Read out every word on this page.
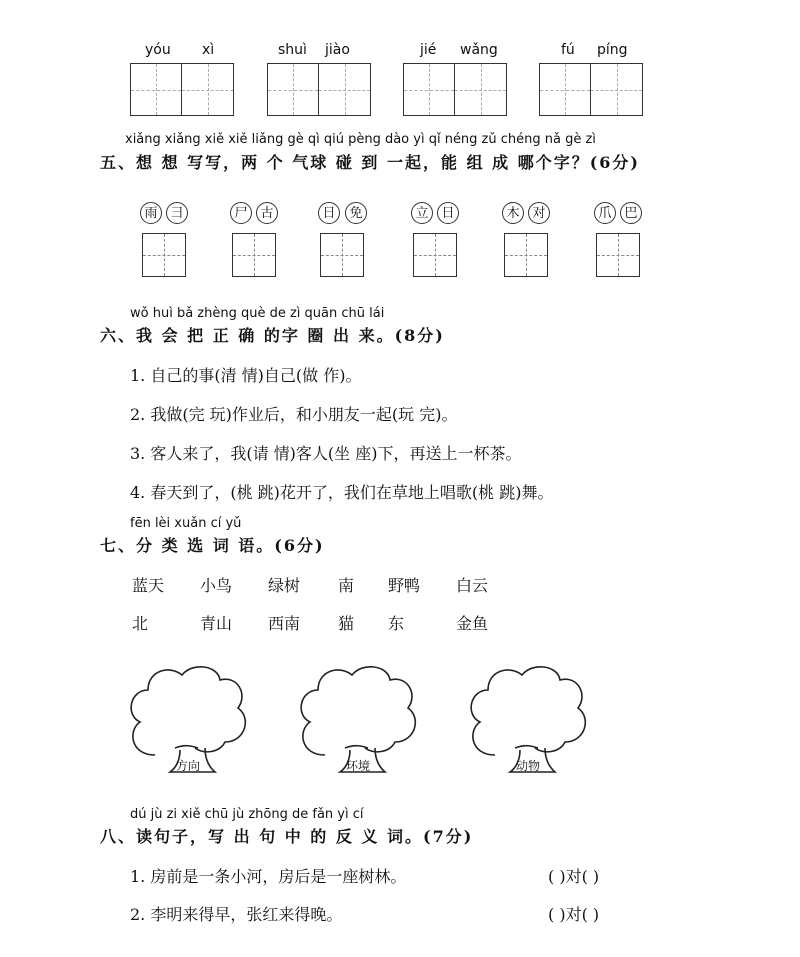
yóu xì	shuì jiào	jié wǎng	fú píng
xiǎng xiǎng xiě xiě liǎng gè qì qiú pèng dào yì qǐ néng zǔ chéng nǎ gè zì
五、想 想 写写，两 个 气球 碰 到 一起，能 组 成 哪个字？(6分)
雨 彐	尸 古	日	免	立 日	木 对	爪 巴
wǒ huì bǎ zhèng què de zì quān chū lái
六、我 会 把 正 确 的字 圈 出 来。(8分)
1. 自己的事(清 情)自己(做 作)。
2. 我做(完 玩)作业后，和小朋友一起(玩 完)。
3. 客人来了，我(请 情)客人(坐 座)下，再送上一杯茶。
4. 春天到了，(桃 跳)花开了，我们在草地上唱歌(桃 跳)舞。
fēn lèi xuǎn cí yǔ
七、分 类 选 词 语。(6分)
蓝天 小鸟 绿树 南 野鸭 白云
北	青山 西南 猫 东	金鱼
方向	环境	动物
dú jù zi xiě chū jù zhōng de fǎn yì cí
八、读句子，写 出 句 中 的 反 义 词。(7分)
1. 房前是一条小河，房后是一座树林。	( )对( )
2. 李明来得早，张红来得晚。	( )对( )
